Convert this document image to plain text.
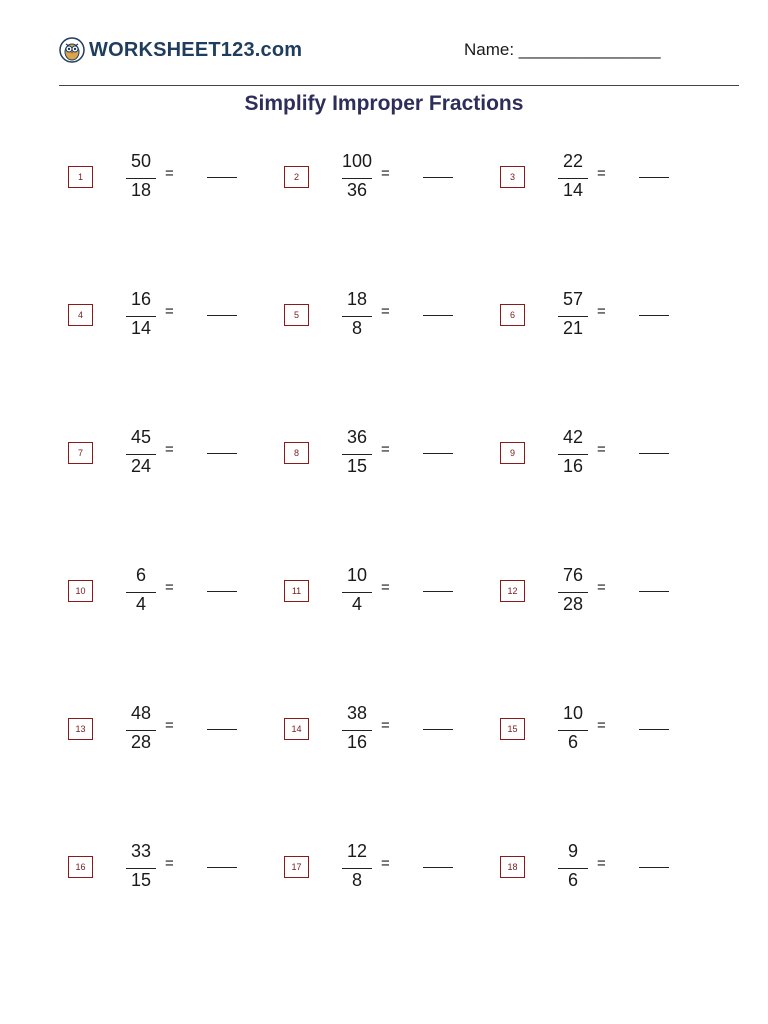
WORKSHEET123.com	Name: _______________
Simplify Improper Fractions
1
50
18
=	2
100
36
=	3
22
14
=
4
16
14
=	5
18
8
=	6
57
21
=
7
45
24
=	8
36
15
=	9
42
16
=
10
6
4
=	11
10
4
=	12
76
28
=
13
48
28
=	14
38
16
=	15
10
6
=
16
33
15
=	17
12
8
=	18
9
6
=
